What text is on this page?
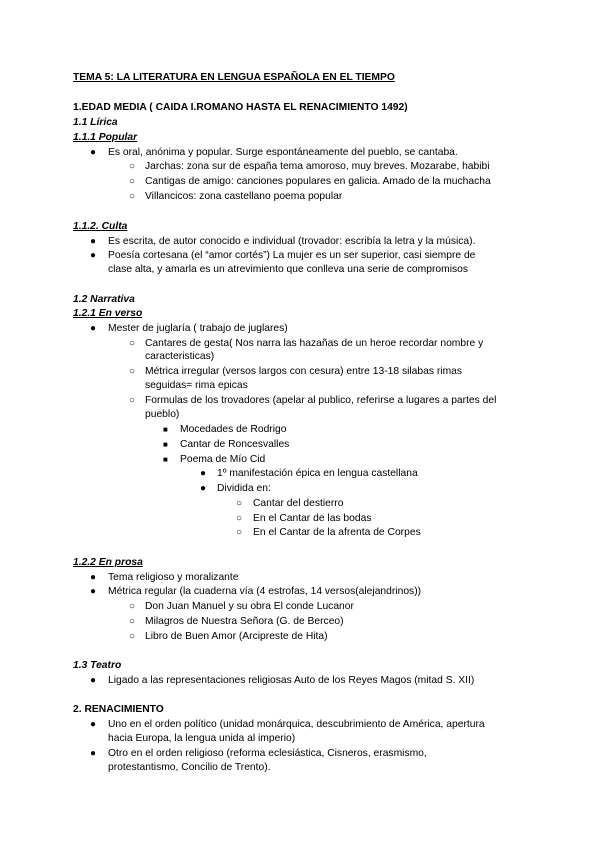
TEMA 5: LA LITERATURA EN LENGUA ESPAÑOLA EN EL TIEMPO
1.EDAD MEDIA ( CAIDA I.ROMANO HASTA EL RENACIMIENTO 1492)
1.1 Lírica
1.1.1 Popular
● Es oral, anónima y popular. Surge espontáneamente del pueblo, se cantaba.
○ Jarchas: zona sur de españa tema amoroso, muy breves. Mozarabe, habibi
○ Cantigas de amigo: canciones populares en galicia. Amado de la muchacha
○ Villancicos: zona castellano poema popular
1.1.2. Culta
● Es escrita, de autor conocido e individual (trovador: escribía la letra y la música).
● Poesía cortesana (el “amor cortés”) La mujer es un ser superior, casi siempre de
clase alta, y amarla es un atrevimiento que conlleva una serie de compromisos
1.2 Narrativa
1.2.1 En verso
● Mester de juglaría ( trabajo de juglares)
○ Cantares de gesta( Nos narra las hazañas de un heroe recordar nombre y
caracteristicas)
○ Métrica irregular (versos largos con cesura) entre 13-18 silabas rimas
seguidas= rima epicas
○ Formulas de los trovadores (apelar al publico, referirse a lugares a partes del
pueblo)
■ Mocedades de Rodrigo
■ Cantar de Roncesvalles
■ Poema de Mío Cid
● 1º manifestación épica en lengua castellana
● Dividida en:
○ Cantar del destierro
○ En el Cantar de las bodas
○ En el Cantar de la afrenta de Corpes
1.2.2 En prosa
● Tema religioso y moralizante
● Métrica regular (la cuaderna vía (4 estrofas, 14 versos(alejandrinos))
○ Don Juan Manuel y su obra El conde Lucanor
○ Milagros de Nuestra Señora (G. de Berceo)
○ Libro de Buen Amor (Arcipreste de Hita)
1.3 Teatro
● Ligado a las representaciones religiosas Auto de los Reyes Magos (mitad S. XII)
2. RENACIMIENTO
● Uno en el orden político (unidad monárquica, descubrimiento de América, apertura
hacia Europa, la lengua unida al imperio)
● Otro en el orden religioso (reforma eclesiástica, Cisneros, erasmismo,
protestantismo, Concilio de Trento).
